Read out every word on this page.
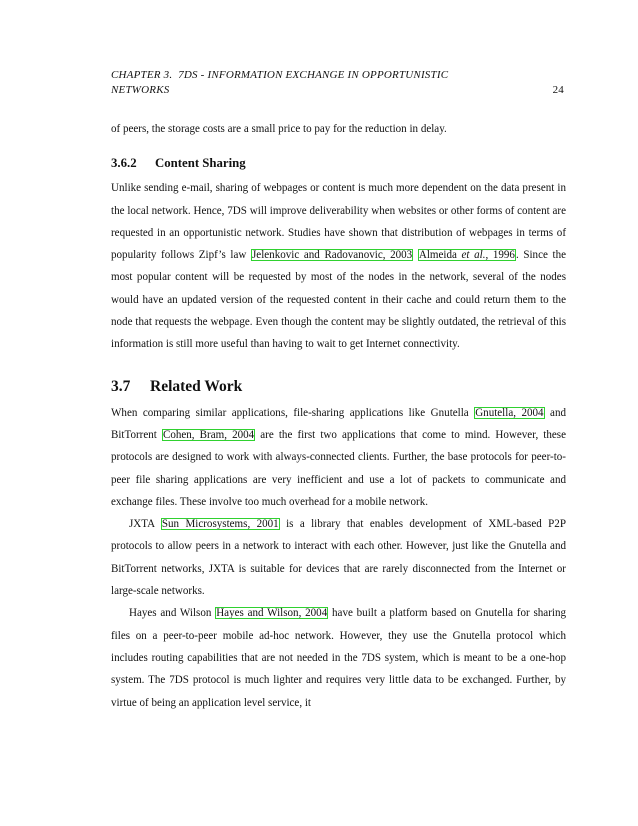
CHAPTER 3. 7DS - INFORMATION EXCHANGE IN OPPORTUNISTIC
NETWORKS	24

of peers, the storage costs are a small price to pay for the reduction in delay.

3.6.2 Content Sharing

Unlike sending e-mail, sharing of webpages or content is much more dependent on the data present in the local network. Hence, 7DS will improve deliverability when websites or other forms of content are requested in an opportunistic network. Studies have shown that distribution of webpages in terms of popularity follows Zipf’s law Jelenkovic and Radovanovic, 2003 Almeida et al., 1996. Since the most popular content will be requested by most of the nodes in the network, several of the nodes would have an updated version of the requested content in their cache and could return them to the node that requests the webpage. Even though the content may be slightly outdated, the retrieval of this information is still more useful than having to wait to get Internet connectivity.

3.7 Related Work

When comparing similar applications, file-sharing applications like Gnutella Gnutella, 2004 and BitTorrent Cohen, Bram, 2004 are the first two applications that come to mind. However, these protocols are designed to work with always-connected clients. Further, the base protocols for peer-to-peer file sharing applications are very inefficient and use a lot of packets to communicate and exchange files. These involve too much overhead for a mobile network.

JXTA Sun Microsystems, 2001 is a library that enables development of XML-based P2P protocols to allow peers in a network to interact with each other. However, just like the Gnutella and BitTorrent networks, JXTA is suitable for devices that are rarely disconnected from the Internet or large-scale networks.

Hayes and Wilson Hayes and Wilson, 2004 have built a platform based on Gnutella for sharing files on a peer-to-peer mobile ad-hoc network. However, they use the Gnutella protocol which includes routing capabilities that are not needed in the 7DS system, which is meant to be a one-hop system. The 7DS protocol is much lighter and requires very little data to be exchanged. Further, by virtue of being an application level service, it
